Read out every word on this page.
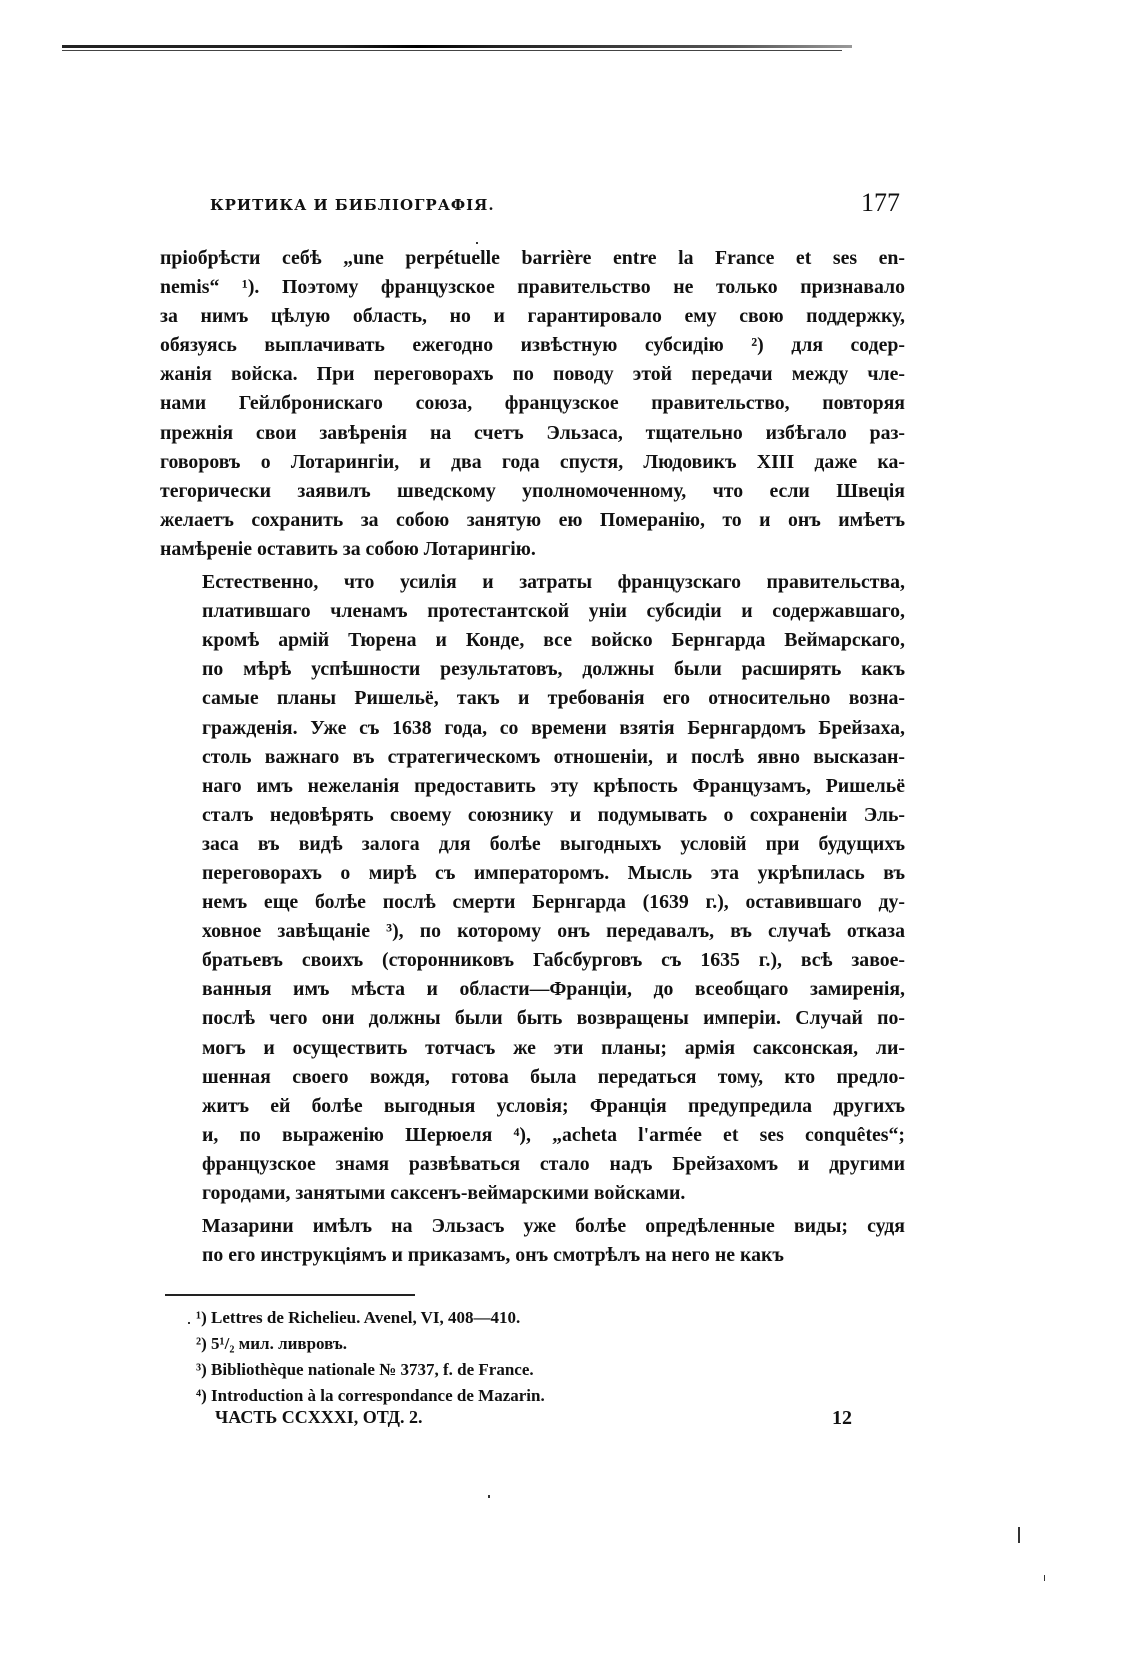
КРИТИКА И БИБЛІОГРАФІЯ.	177

пріобрѣсти себѣ „une perpétuelle barrière entre la France et ses en-
nemis“ ¹). Поэтому французское правительство не только признавало
за нимъ цѣлую область, но и гарантировало ему свою поддержку,
обязуясь выплачивать ежегодно извѣстную субсидію ²) для содер-
жанія войска. При переговорахъ по поводу этой передачи между чле-
нами Гейлбронискаго союза, французское правительство, повторяя
прежнія свои завѣренія на счетъ Эльзаса, тщательно избѣгало раз-
говоровъ о Лотарингіи, и два года спустя, Людовикъ XIII даже ка-
тегорически заявилъ шведскому уполномоченному, что если Швеція
желаетъ сохранить за собою занятую ею Померанію, то и онъ имѣетъ
намѣреніе оставить за собою Лотарингію.

Естественно, что усилія и затраты французскаго правительства,
платившаго членамъ протестантской уніи субсидіи и содержавшаго,
кромѣ армій Тюрена и Конде, все войско Бернгарда Веймарскаго,
по мѣрѣ успѣшности результатовъ, должны были расширять какъ
самые планы Ришельё, такъ и требованія его относительно возна-
гражденія. Уже съ 1638 года, со времени взятія Бернгардомъ Брейзаха,
столь важнаго въ стратегическомъ отношеніи, и послѣ явно высказан-
наго имъ нежеланія предоставить эту крѣпость Французамъ, Ришельё
сталъ недовѣрять своему союзнику и подумывать о сохраненіи Эль-
заса въ видѣ залога для болѣе выгодныхъ условій при будущихъ
переговорахъ о мирѣ съ императоромъ. Мысль эта укрѣпилась въ
немъ еще болѣе послѣ смерти Бернгарда (1639 г.), оставившаго ду-
ховное завѣщаніе ³), по которому онъ передавалъ, въ случаѣ отказа
братьевъ своихъ (сторонниковъ Габсбурговъ съ 1635 г.), всѣ завое-
ванныя имъ мѣста и области—Франціи, до всеобщаго замиренія,
послѣ чего они должны были быть возвращены имперіи. Случай по-
могъ и осуществить тотчасъ же эти планы; армія саксонская, ли-
шенная своего вождя, готова была передаться тому, кто предло-
житъ ей болѣе выгодныя условія; Франція предупредила другихъ
и, по выраженію Шерюеля ⁴), „acheta l'armée et ses conquêtes“;
французское знамя развѣваться стало надъ Брейзахомъ и другими
городами, занятыми саксенъ-веймарскими войсками.

Мазарини имѣлъ на Эльзасъ уже болѣе опредѣленные виды; судя
по его инструкціямъ и приказамъ, онъ смотрѣлъ на него не какъ

¹) Lettres de Richelieu. Avenel, VI, 408—410.
²) 5¹/₂ мил. ливровъ.
³) Bibliothèque nationale № 3737, f. de France.
⁴) Introduction à la correspondance de Mazarin.
ЧАСТЬ CCXXXI, ОТД. 2.	12
